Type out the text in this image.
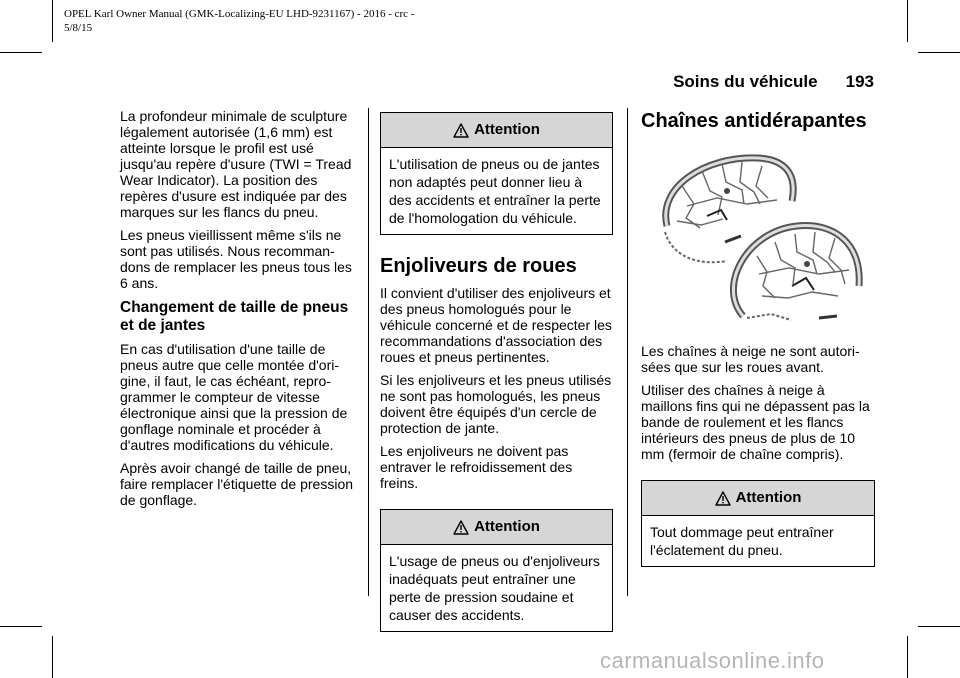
OPEL Karl Owner Manual (GMK-Localizing-EU LHD-9231167) - 2016 - crc -
5/8/15
Soins du véhicule 193

La profondeur minimale de sculpture légalement autorisée (1,6 mm) est atteinte lorsque le profil est usé jusqu'au repère d'usure (TWI = Tread Wear Indicator). La position des repères d'usure est indiquée par des marques sur les flancs du pneu.

Les pneus vieillissent même s'ils ne sont pas utilisés. Nous recomman-dons de remplacer les pneus tous les 6 ans.

Changement de taille de pneus et de jantes

En cas d'utilisation d'une taille de pneus autre que celle montée d'ori-gine, il faut, le cas échéant, repro-grammer le compteur de vitesse électronique ainsi que la pression de gonflage nominale et procéder à d'autres modifications du véhicule.

Après avoir changé de taille de pneu, faire remplacer l'étiquette de pression de gonflage.

Attention
L'utilisation de pneus ou de jantes non adaptés peut donner lieu à des accidents et entraîner la perte de l'homologation du véhicule.
Enjoliveurs de roues

Il convient d'utiliser des enjoliveurs et des pneus homologués pour le véhicule concerné et de respecter les recommandations d'association des roues et pneus pertinentes.

Si les enjoliveurs et les pneus utilisés ne sont pas homologués, les pneus doivent être équipés d'un cercle de protection de jante.

Les enjoliveurs ne doivent pas entraver le refroidissement des freins.

Attention
L'usage de pneus ou d'enjoliveurs inadéquats peut entraîner une perte de pression soudaine et causer des accidents.
Chaînes antidérapantes

Les chaînes à neige ne sont autori-sées que sur les roues avant.

Utiliser des chaînes à neige à maillons fins qui ne dépassent pas la bande de roulement et les flancs intérieurs des pneus de plus de 10 mm (fermoir de chaîne compris).

Attention
Tout dommage peut entraîner l'éclatement du pneu.
carmanualsonline.info
